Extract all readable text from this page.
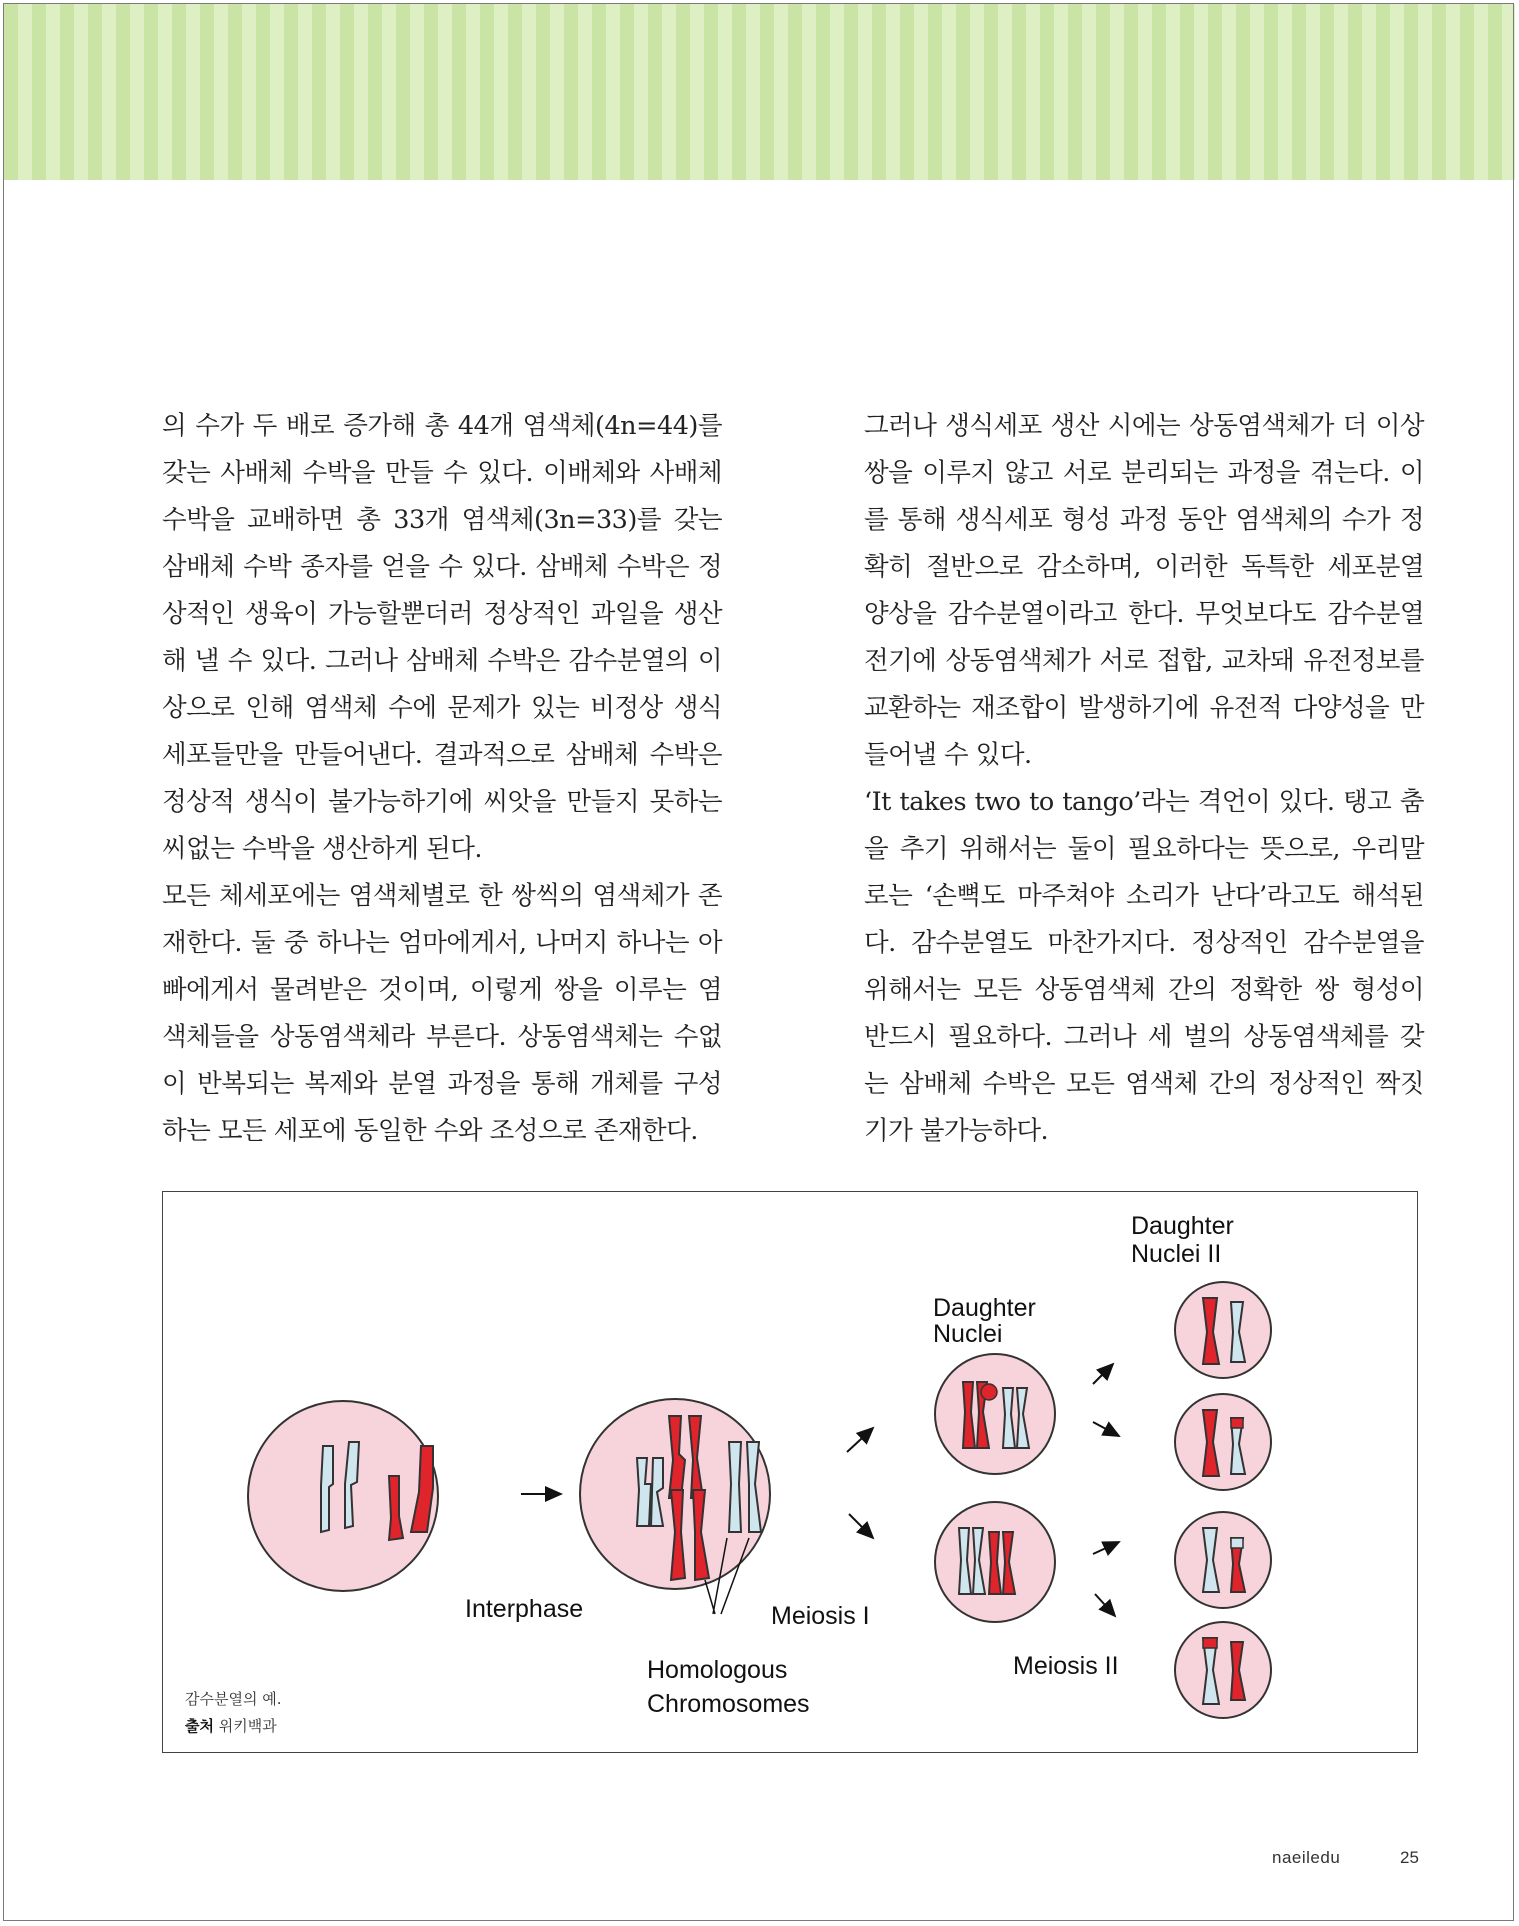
의 수가 두 배로 증가해 총 44개 염색체(4n=44)를 갖는 사배체 수박을 만들 수 있다. 이배체와 사배체 수박을 교배하면 총 33개 염색체(3n=33)를 갖는 삼배체 수박 종자를 얻을 수 있다. 삼배체 수박은 정상적인 생육이 가능할뿐더러 정상적인 과일을 생산해 낼 수 있다. 그러나 삼배체 수박은 감수분열의 이상으로 인해 염색체 수에 문제가 있는 비정상 생식세포들만을 만들어낸다. 결과적으로 삼배체 수박은 정상적 생식이 불가능하기에 씨앗을 만들지 못하는 씨없는 수박을 생산하게 된다.

모든 체세포에는 염색체별로 한 쌍씩의 염색체가 존재한다. 둘 중 하나는 엄마에게서, 나머지 하나는 아빠에게서 물려받은 것이며, 이렇게 쌍을 이루는 염색체들을 상동염색체라 부른다. 상동염색체는 수없이 반복되는 복제와 분열 과정을 통해 개체를 구성하는 모든 세포에 동일한 수와 조성으로 존재한다.

그러나 생식세포 생산 시에는 상동염색체가 더 이상 쌍을 이루지 않고 서로 분리되는 과정을 겪는다. 이를 통해 생식세포 형성 과정 동안 염색체의 수가 정확히 절반으로 감소하며, 이러한 독특한 세포분열 양상을 감수분열이라고 한다. 무엇보다도 감수분열 전기에 상동염색체가 서로 접합, 교차돼 유전정보를 교환하는 재조합이 발생하기에 유전적 다양성을 만들어낼 수 있다.

‘It takes two to tango’라는 격언이 있다. 탱고 춤을 추기 위해서는 둘이 필요하다는 뜻으로, 우리말로는 ‘손뼉도 마주쳐야 소리가 난다’라고도 해석된다. 감수분열도 마찬가지다. 정상적인 감수분열을 위해서는 모든 상동염색체 간의 정확한 쌍 형성이 반드시 필요하다. 그러나 세 벌의 상동염색체를 갖는 삼배체 수박은 모든 염색체 간의 정상적인 짝짓기가 불가능하다.

Interphase
Homologous
Chromosomes
Meiosis I
Daughter
Nuclei
Daughter
Nuclei II
Meiosis II
감수분열의 예.
출처 위키백과
naeiledu	25
